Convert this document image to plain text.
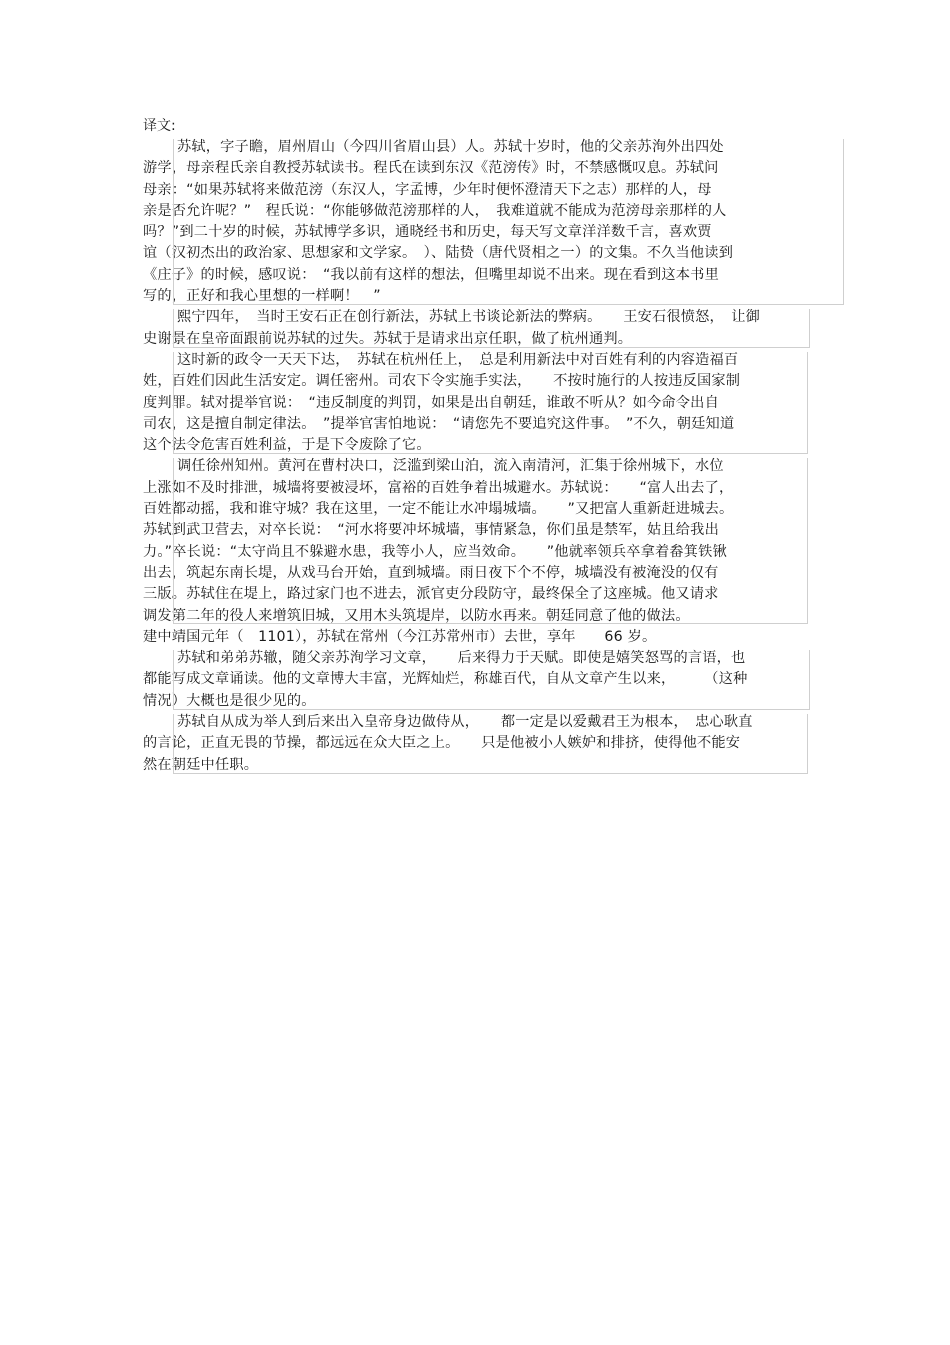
译文:
苏轼，字子瞻，眉州眉山（今四川省眉山县）人。苏轼十岁时，他的父亲苏洵外出四处
游学，母亲程氏亲自教授苏轼读书。程氏在读到东汉《范滂传》时，不禁感慨叹息。苏轼问
母亲：“如果苏轼将来做范滂（东汉人，字孟博，少年时便怀澄清天下之志）那样的人，母
亲是否允许呢？”　程氏说：“你能够做范滂那样的人，　我难道就不能成为范滂母亲那样的人
吗？”到二十岁的时候，苏轼博学多识，通晓经书和历史，每天写文章洋洋数千言，喜欢贾
谊（汉初杰出的政治家、思想家和文学家。　）、陆贽（唐代贤相之一）的文集。不久当他读到
《庄子》的时候，感叹说：　“我以前有这样的想法，但嘴里却说不出来。现在看到这本书里
写的，正好和我心里想的一样啊！　”
熙宁四年，　当时王安石正在创行新法，苏轼上书谈论新法的弊病。　　王安石很愤怒，　让御
史谢景在皇帝面跟前说苏轼的过失。苏轼于是请求出京任职，做了杭州通判。
这时新的政令一天天下达，　苏轼在杭州任上，　总是利用新法中对百姓有利的内容造福百
姓，百姓们因此生活安定。调任密州。司农下令实施手实法，　　不按时施行的人按违反国家制
度判罪。轼对提举官说：　“违反制度的判罚，如果是出自朝廷，谁敢不听从？如今命令出自
司农，这是擅自制定律法。　”提举官害怕地说：　“请您先不要追究这件事。　”不久，朝廷知道
这个法令危害百姓利益，于是下令废除了它。
调任徐州知州。黄河在曹村决口，泛滥到梁山泊，流入南清河，汇集于徐州城下，水位
上涨如不及时排泄，城墙将要被浸坏，富裕的百姓争着出城避水。苏轼说：　　“富人出去了，
百姓都动摇，我和谁守城？我在这里，一定不能让水冲塌城墙。　　”又把富人重新赶进城去。
苏轼到武卫营去，对卒长说：　“河水将要冲坏城墙，事情紧急，你们虽是禁军，姑且给我出
力。”卒长说：“太守尚且不躲避水患，我等小人，应当效命。　　”他就率领兵卒拿着畚箕铁锹
出去，筑起东南长堤，从戏马台开始，直到城墙。雨日夜下个不停，城墙没有被淹没的仅有
三版。苏轼住在堤上，路过家门也不进去，派官吏分段防守，最终保全了这座城。他又请求
调发第二年的役人来增筑旧城，又用木头筑堤岸，以防水再来。朝廷同意了他的做法。
建中靖国元年（　1101），苏轼在常州（今江苏常州市）去世，享年　　66 岁。
苏轼和弟弟苏辙，随父亲苏洵学习文章，　　后来得力于天赋。即使是嬉笑怒骂的言语，也
都能写成文章诵读。他的文章博大丰富，光辉灿烂，称雄百代，自从文章产生以来，　　　（这种
情况）大概也是很少见的。
苏轼自从成为举人到后来出入皇帝身边做侍从，　　都一定是以爱戴君王为根本，　忠心耿直
的言论，正直无畏的节操，都远远在众大臣之上。　　只是他被小人嫉妒和排挤，使得他不能安
然在朝廷中任职。
